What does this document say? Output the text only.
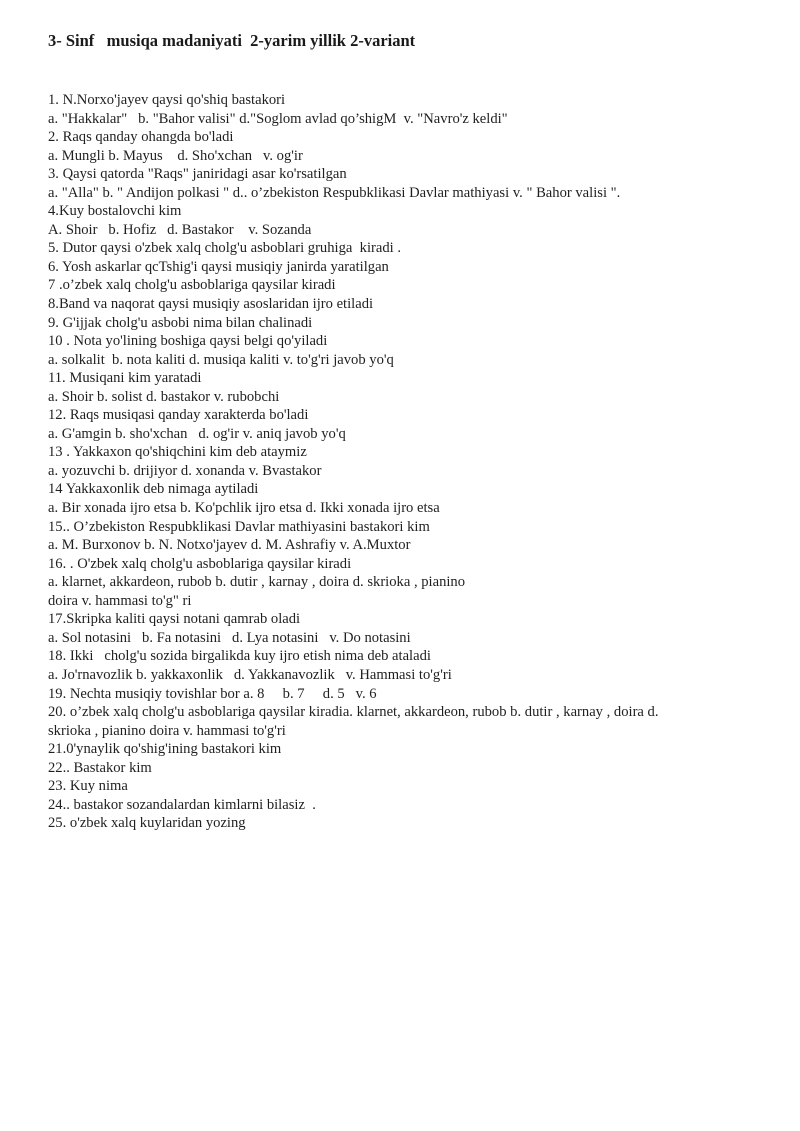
3- Sinf   musiqa madaniyati  2-yarim yillik 2-variant
1. N.Norxo'jayev qaysi qo'shiq bastakori
a. "Hakkalar"   b. "Bahor valisi" d."Soglom avlad qo’shigM  v. "Navro'z keldi"
2. Raqs qanday ohangda bo'ladi
a. Mungli b. Mayus    d. Sho'xchan   v. og'ir
3. Qaysi qatorda "Raqs" janiridagi asar ko'rsatilgan
a. "Alla" b. " Andijon polkasi " d.. o’zbekiston Respubklikasi Davlar mathiyasi v. " Bahor valisi ".
4.Kuy bostalovchi kim
A. Shoir   b. Hofiz   d. Bastakor    v. Sozanda
5. Dutor qaysi o'zbek xalq cholg'u asboblari gruhiga  kiradi .
6. Yosh askarlar qcTshig'i qaysi musiqiy janirda yaratilgan
7 .o’zbek xalq cholg'u asboblariga qaysilar kiradi
8.Band va naqorat qaysi musiqiy asoslaridan ijro etiladi
9. G'ijjak cholg'u asbobi nima bilan chalinadi
10 . Nota yo'lining boshiga qaysi belgi qo'yiladi
a. solkalit  b. nota kaliti d. musiqa kaliti v. to'g'ri javob yo'q
11. Musiqani kim yaratadi
a. Shoir b. solist d. bastakor v. rubobchi
12. Raqs musiqasi qanday xarakterda bo'ladi
a. G'amgin b. sho'xchan   d. og'ir v. aniq javob yo'q
13 . Yakkaxon qo'shiqchini kim deb ataymiz
a. yozuvchi b. drijiyor d. xonanda v. Bvastakor
14 Yakkaxonlik deb nimaga aytiladi
a. Bir xonada ijro etsa b. Ko'pchlik ijro etsa d. Ikki xonada ijro etsa
15.. O’zbekiston Respubklikasi Davlar mathiyasini bastakori kim
a. M. Burxonov b. N. Notxo'jayev d. M. Ashrafiy v. A.Muxtor
16. . O'zbek xalq cholg'u asboblariga qaysilar kiradi
a. klarnet, akkardeon, rubob b. dutir , karnay , doira d. skrioka , pianino
doira v. hammasi to'g" ri
17.Skripka kaliti qaysi notani qamrab oladi
a. Sol notasini   b. Fa notasini   d. Lya notasini   v. Do notasini
18. Ikki   cholg'u sozida birgalikda kuy ijro etish nima deb ataladi
a. Jo'rnavozlik b. yakkaxonlik   d. Yakkanavozlik   v. Hammasi to'g'ri
19. Nechta musiqiy tovishlar bor a. 8     b. 7     d. 5   v. 6
20. o’zbek xalq cholg'u asboblariga qaysilar kiradia. klarnet, akkardeon, rubob b. dutir , karnay , doira d.
skrioka , pianino doira v. hammasi to'g'ri
21.0'ynaylik qo'shig'ining bastakori kim
22.. Bastakor kim
23. Kuy nima
24.. bastakor sozandalardan kimlarni bilasiz  .
25. o'zbek xalq kuylaridan yozing
